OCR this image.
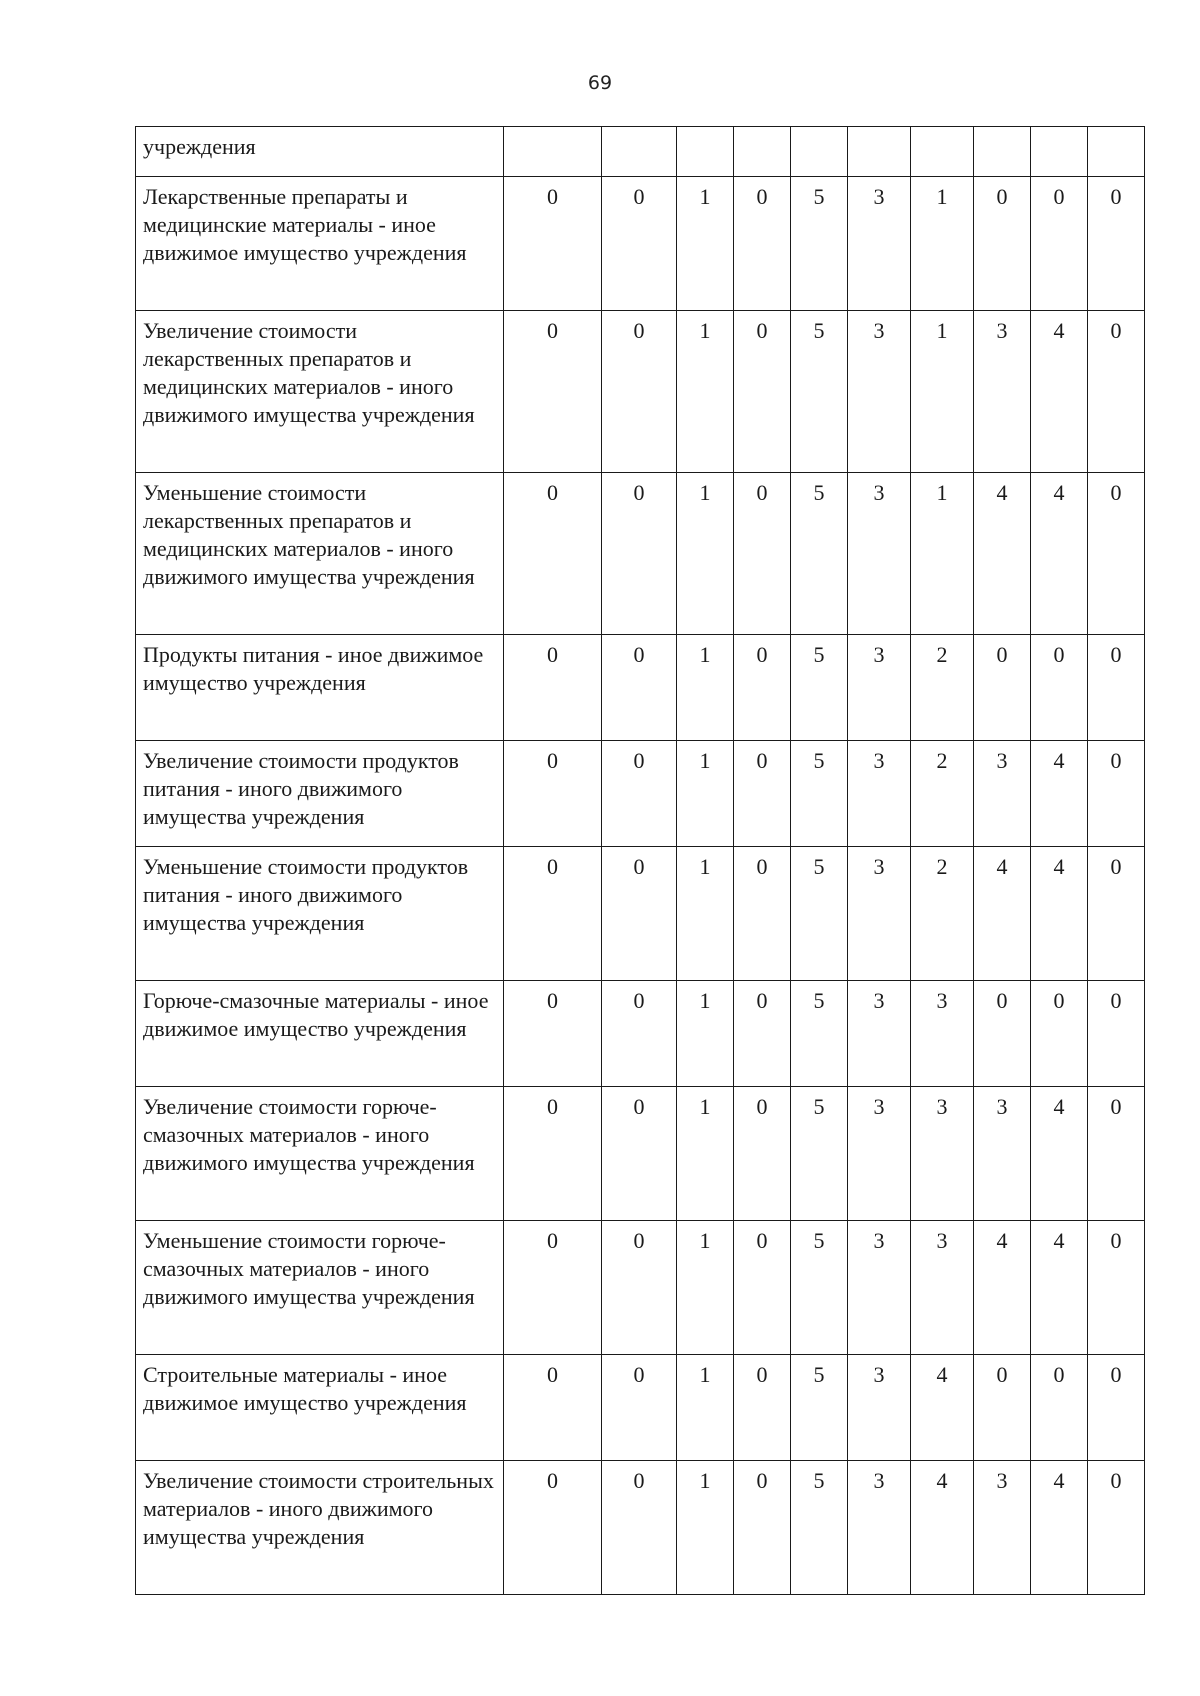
69
учреждения										
Лекарственные препараты и медицинские материалы - иное движимое имущество учреждения	0	0	1	0	5	3	1	0	0	0
Увеличение стоимости лекарственных препаратов и медицинских материалов - иного движимого имущества учреждения	0	0	1	0	5	3	1	3	4	0
Уменьшение стоимости лекарственных препаратов и медицинских материалов - иного движимого имущества учреждения	0	0	1	0	5	3	1	4	4	0
Продукты питания - иное движимое имущество учреждения	0	0	1	0	5	3	2	0	0	0
Увеличение стоимости продуктов питания - иного движимого имущества учреждения	0	0	1	0	5	3	2	3	4	0
Уменьшение стоимости продуктов питания - иного движимого имущества учреждения	0	0	1	0	5	3	2	4	4	0
Горюче-смазочные материалы - иное движимое имущество учреждения	0	0	1	0	5	3	3	0	0	0
Увеличение стоимости горюче-смазочных материалов - иного движимого имущества учреждения	0	0	1	0	5	3	3	3	4	0
Уменьшение стоимости горюче-смазочных материалов - иного движимого имущества учреждения	0	0	1	0	5	3	3	4	4	0
Строительные материалы - иное движимое имущество учреждения	0	0	1	0	5	3	4	0	0	0
Увеличение стоимости строительных материалов - иного движимого имущества учреждения	0	0	1	0	5	3	4	3	4	0
